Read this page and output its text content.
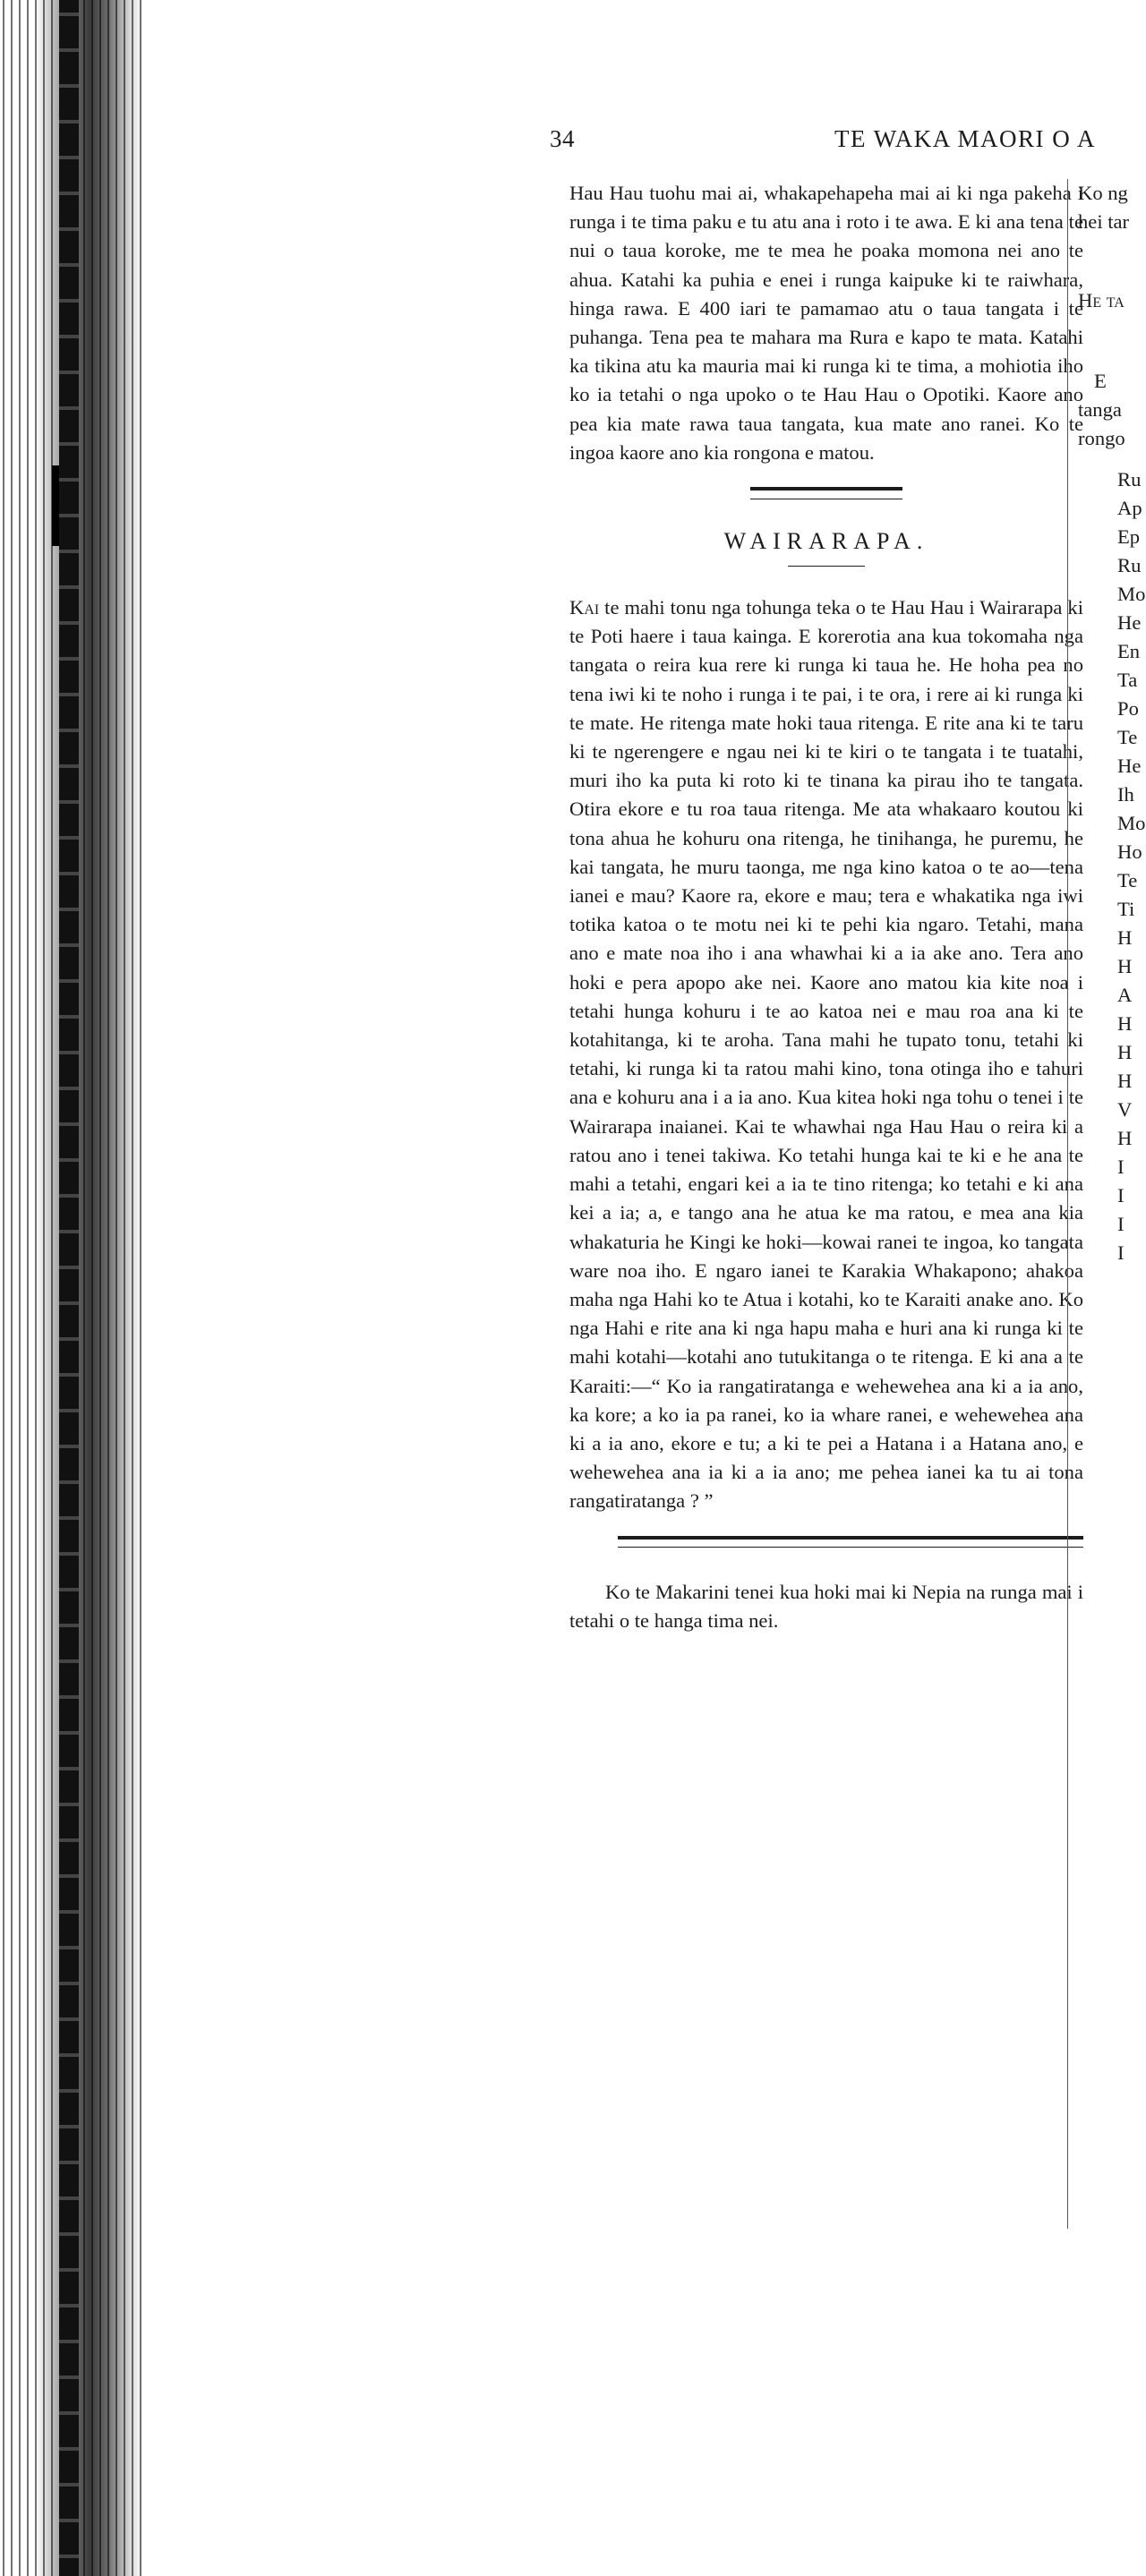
34	TE WAKA MAORI O A

Hau Hau tuohu mai ai, whakapehapeha mai ai ki nga pakeha i runga i te tima paku e tu atu ana i roto i te awa. E ki ana tena te nui o taua koroke, me te mea he poaka momona nei ano te ahua. Katahi ka puhia e enei i runga kaipuke ki te raiwhara, hinga rawa. E 400 iari te pamamao atu o taua tangata i te puhanga. Tena pea te mahara ma Rura e kapo te mata. Katahi ka tikina atu ka mauria mai ki runga ki te tima, a mohiotia iho ko ia tetahi o nga upoko o te Hau Hau o Opotiki. Kaore ano pea kia mate rawa taua tangata, kua mate ano ranei. Ko te ingoa kaore ano kia rongona e matou.

WAIRARAPA.

Kai te mahi tonu nga tohunga teka o te Hau Hau i Wairarapa ki te Poti haere i taua kainga. E korerotia ana kua tokomaha nga tangata o reira kua rere ki runga ki taua he. He hoha pea no tena iwi ki te noho i runga i te pai, i te ora, i rere ai ki runga ki te mate. He ritenga mate hoki taua ritenga. E rite ana ki te taru ki te ngerengere e ngau nei ki te kiri o te tangata i te tuatahi, muri iho ka puta ki roto ki te tinana ka pirau iho te tangata. Otira ekore e tu roa taua ritenga. Me ata whakaaro koutou ki tona ahua he kohuru ona ritenga, he tinihanga, he puremu, he kai tangata, he muru taonga, me nga kino katoa o te ao—tena ianei e mau? Kaore ra, ekore e mau; tera e whakatika nga iwi totika katoa o te motu nei ki te pehi kia ngaro. Tetahi, mana ano e mate noa iho i ana whawhai ki a ia ake ano. Tera ano hoki e pera apopo ake nei. Kaore ano matou kia kite noa i tetahi hunga kohuru i te ao katoa nei e mau roa ana ki te kotahitanga, ki te aroha. Tana mahi he tupato tonu, tetahi ki tetahi, ki runga ki ta ratou mahi kino, tona otinga iho e tahuri ana e kohuru ana i a ia ano. Kua kitea hoki nga tohu o tenei i te Wairarapa inaianei. Kai te whawhai nga Hau Hau o reira ki a ratou ano i tenei takiwa. Ko tetahi hunga kai te ki e he ana te mahi a tetahi, engari kei a ia te tino ritenga; ko tetahi e ki ana kei a ia; a, e tango ana he atua ke ma ratou, e mea ana kia whakaturia he Kingi ke hoki—kowai ranei te ingoa, ko tangata ware noa iho. E ngaro ianei te Karakia Whakapono; ahakoa maha nga Hahi ko te Atua i kotahi, ko te Karaiti anake ano. Ko nga Hahi e rite ana ki nga hapu maha e huri ana ki runga ki te mahi kotahi—kotahi ano tutukitanga o te ritenga. E ki ana a te Karaiti:—“ Ko ia rangatiratanga e wehewehea ana ki a ia ano, ka kore; a ko ia pa ranei, ko ia whare ranei, e wehewehea ana ki a ia ano, ekore e tu; a ki te pei a Hatana i a Hatana ano, e wehewehea ana ia ki a ia ano; me pehea ianei ka tu ai tona rangatiratanga ? ”

Ko te Makarini tenei kua hoki mai ki Nepia na runga mai i tetahi o te hanga tima nei.

Ko ng
hei tar
He ta
E
tanga
rongo
Ru
Ap
Ep
Ru
Mo
He
En
Ta
Po
Te
He
Ih
Mo
Ho
Te
Ti
H
H
A
H
H
H
V
H
I
I
I
I
